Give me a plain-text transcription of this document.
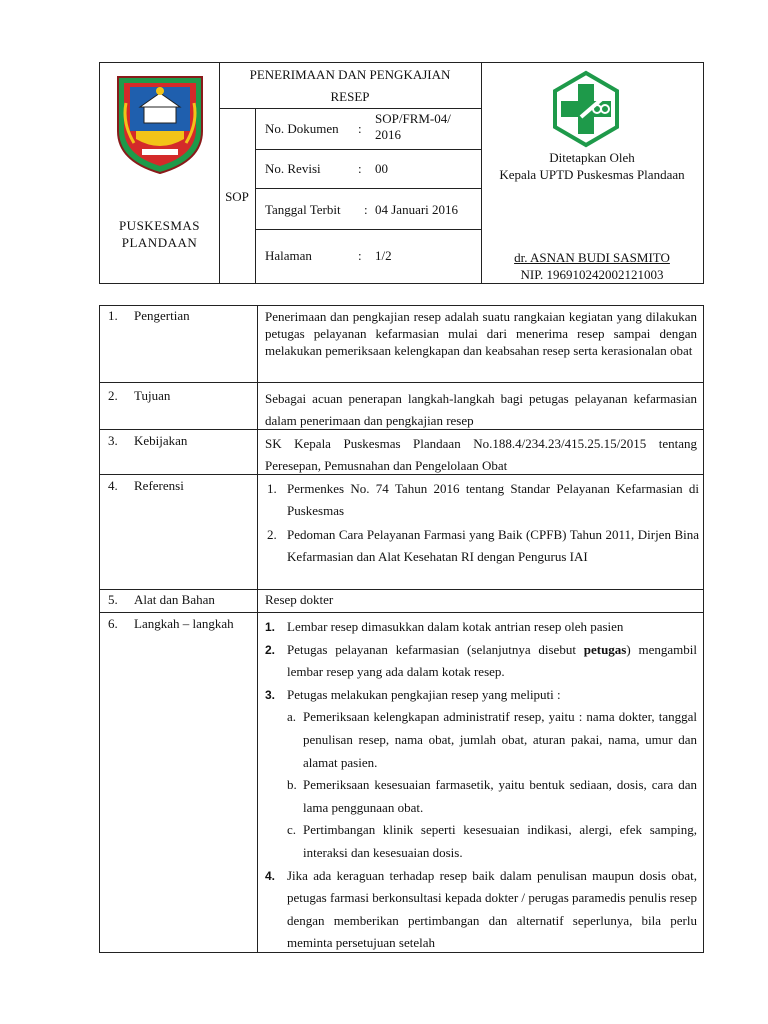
PUSKESMAS
PLANDAAN
PENERIMAAN DAN PENGKAJIAN
RESEP
SOP
No. Dokumen :
SOP/FRM-04/
2016
No. Revisi	: 00
Tanggal Terbit : 04 Januari 2016
Halaman	: 1/2
Ditetapkan Oleh
Kepala UPTD Puskesmas Plandaan
dr. ASNAN BUDI SASMITO
NIP. 196910242002121003
1. Pengertian	Penerimaan dan pengkajian resep adalah suatu rangkaian kegiatan yang dilakukan petugas pelayanan kefarmasian mulai dari menerima resep sampai dengan melakukan pemeriksaan kelengkapan dan keabsahan resep serta kerasionalan obat
2. Tujuan	Sebagai acuan penerapan langkah-langkah bagi petugas pelayanan kefarmasian dalam penerimaan dan pengkajian resep
3. Kebijakan	SK Kepala Puskesmas Plandaan No.188.4/234.23/415.25.15/2015 tentang Peresepan, Pemusnahan dan Pengelolaan Obat
4. Referensi	1. Permenkes No. 74 Tahun 2016 tentang Standar Pelayanan Kefarmasian di Puskesmas
2. Pedoman Cara Pelayanan Farmasi yang Baik (CPFB) Tahun 2011, Dirjen Bina Kefarmasian dan Alat Kesehatan RI dengan Pengurus IAI
5. Alat dan Bahan	Resep dokter
6. Langkah – langkah	1. Lembar resep dimasukkan dalam kotak antrian resep oleh pasien
2. Petugas pelayanan kefarmasian (selanjutnya disebut petugas) mengambil lembar resep yang ada dalam kotak resep.
3. Petugas melakukan pengkajian resep yang meliputi :
a. Pemeriksaan kelengkapan administratif resep, yaitu : nama dokter, tanggal penulisan resep, nama obat, jumlah obat, aturan pakai, nama, umur dan alamat pasien.
b. Pemeriksaan kesesuaian farmasetik, yaitu bentuk sediaan, dosis, cara dan lama penggunaan obat.
c. Pertimbangan klinik seperti kesesuaian indikasi, alergi, efek samping, interaksi dan kesesuaian dosis.
4. Jika ada keraguan terhadap resep baik dalam penulisan maupun dosis obat, petugas farmasi berkonsultasi kepada dokter / perugas paramedis penulis resep dengan memberikan pertimbangan dan alternatif seperlunya, bila perlu meminta persetujuan setelah
